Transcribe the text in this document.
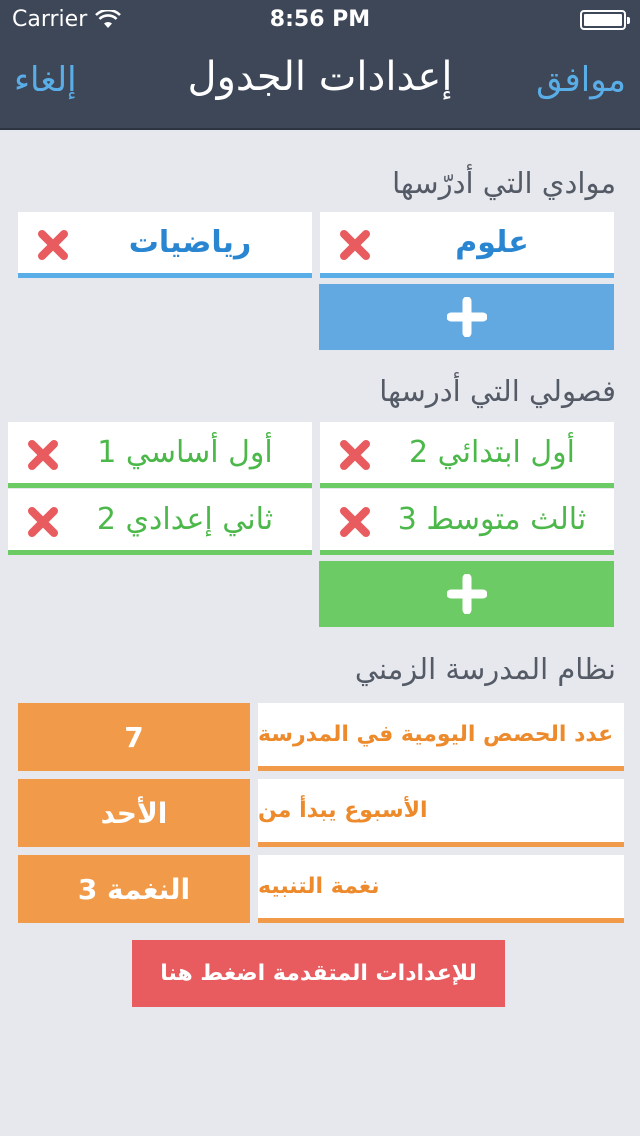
Carrier	8:56 PM
إلغاء	إعدادات الجدول	موافق
موادي التي أدرّسها
علوم
رياضيات
فصولي التي أدرسها
أول ابتدائي 2
أول أساسي 1
ثالث متوسط 3
ثاني إعدادي 2
نظام المدرسة الزمني
عدد الحصص اليومية في المدرسة
7
الأسبوع يبدأ من
الأحد
نغمة التنبيه
النغمة 3
للإعدادات المتقدمة اضغط هنا
